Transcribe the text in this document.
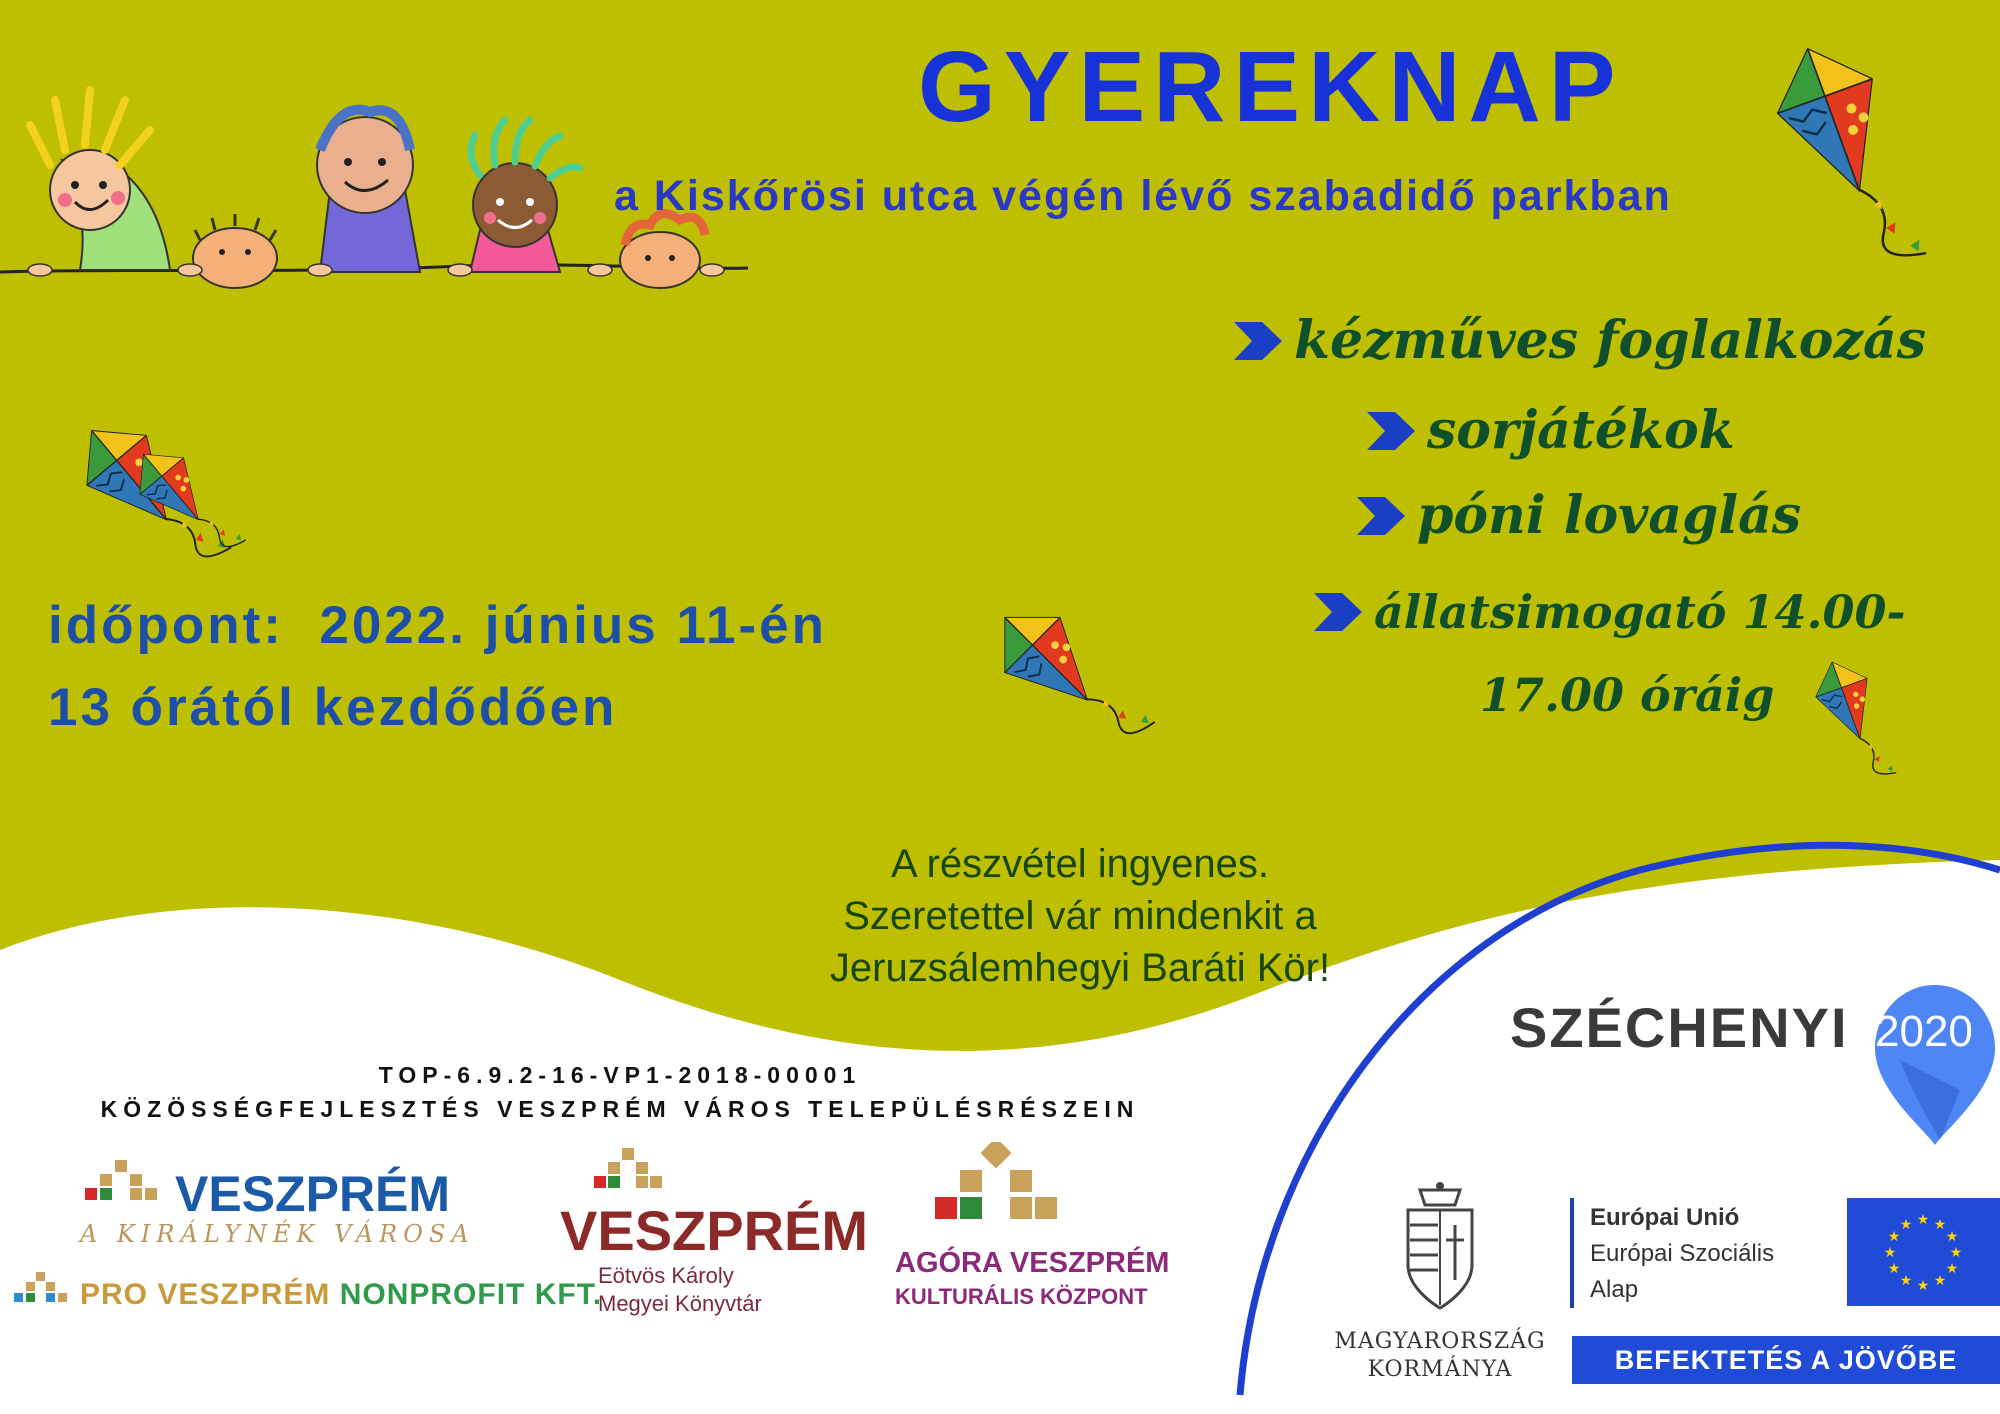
GYEREKNAP
a Kiskőrösi utca végén lévő szabadidő parkban
kézműves foglalkozás
sorjátékok
póni lovaglás
állatsimogató 14.00-
17.00 óráig
időpont:  2022. június 11-én
13 órától kezdődően
A részvétel ingyenes.
Szeretettel vár mindenkit a
Jeruzsálemhegyi Baráti Kör!
TOP-6.9.2-16-VP1-2018-00001
KÖZÖSSÉGFEJLESZTÉS VESZPRÉM VÁROS TELEPÜLÉSRÉSZEIN
VESZPRÉM
A KIRÁLYNÉK VÁROSA
PRO VESZPRÉM NONPROFIT KFT.
VESZPRÉM
Eötvös Károly
Megyei Könyvtár
AGÓRA VESZPRÉM
KULTURÁLIS KÖZPONT
SZÉCHENYI 2020
MAGYARORSZÁG
KORMÁNYA
Európai Unió
Európai Szociális
Alap
★ ★
★
★
★
★
★
★
★
★
★
★
BEFEKTETÉS A JÖVŐBE
